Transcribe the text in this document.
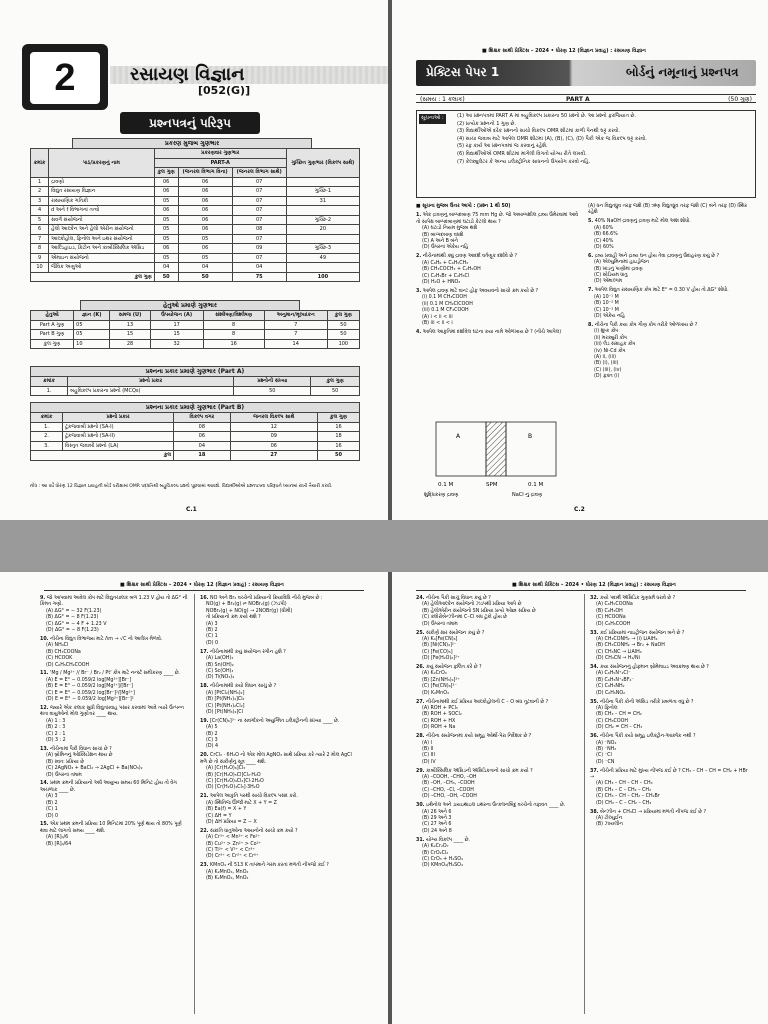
2	રસાયણ વિજ્ઞાન
[052(G)]
પ્રશ્નપત્રનું પરિરૂપ
પ્રકરણ મુજબ ગુણભાર
ક્રમાંક	પાઠ/પ્રકરણનું નામ	પ્રકરણવાર ગુણભાર			ગુચ્છિત ગુણભાર (વિકલ્પ સાથે)
		PART-A			
		કુલ ગુણ	(જનરલ વિભાગ વિના)	(જનરલ વિભાગ સાથે)	
1	દ્રાવણો	06	06	07	
2	વિદ્યુત રસાયણ વિજ્ઞાન	06	06	07	ગુચ્છિ-1
3	રાસાયણિક ગતિકી	05	06	07	31
4	d અને f વિભાગનાં તત્વો	06	06	07	
5	સવર્ગ સંયોજનો	05	06	07	ગુચ્છિ-2
6	હેલો આલ્કેન અને હેલો એરીન સંયોજનો	05	06	08	20
7	આલ્કોહોલ, ફિનોલ અને ઇથર સંયોજનો	05	05	07	
8	આલ્ડિહાઇડ, કિટોન અને કાર્બોક્સિલિક ઍસિડ	06	06	09	ગુચ્છિ-3
9	એમાઇન સંયોજનો	05	05	07	49
10	જૈવિક અણુઓ	04	04	04	
કુલ ગુણ		50	50	75	100
હેતુઓ પ્રમાણે ગુણભાર
હેતુઓ	જ્ઞાન (K)	સમજ (U)	ઉપયોજન (A)	સંશ્લેષણ/વિશ્લેષણ	અનુમાન/મૂલ્યાંકન	કુલ ગુણ
Part A ગુણ	05	13	17	8	7	50
Part B ગુણ	05	15	15	8	7	50
કુલ ગુણ	10	28	32	16	14	100
પ્રશ્નના પ્રકાર પ્રમાણે ગુણભાર (Part A)
ક્રમાંક	પ્રશ્નો પ્રકાર	પ્રશ્નોની સંખ્યા	કુલ ગુણ
1.	બહુવિકલ્પ પ્રકારના પ્રશ્નો (MCQs)	50	50
પ્રશ્નના પ્રકાર પ્રમાણે ગુણભાર (Part B)
ક્રમાંક	પ્રશ્નો પ્રકાર	વિકલ્પ વગર	જનરલ વિકલ્પ સાથે	કુલ ગુણ
1.	ટૂંકજવાબી પ્રશ્નો (SA-I)	08	12	16
2.	ટૂંકજવાબી પ્રશ્નો (SA-II)	06	09	18
3.	વિસ્તૃત જવાબી પ્રશ્નો (LA)	04	06	16
કુલ		18	27	50
નોંધ : આ વર્ષે ધોરણ 12 વિજ્ઞાન પ્રવાહની બોર્ડ પરીક્ષામાં OMR પદ્ધતિથી બહુવિકલ્પ પ્રશ્નો પૂછવામાં આવશે. વિદ્યાર્થીઓએ પ્રશ્નપત્રના પરિરૂપને ધ્યાનમાં રાખી તૈયારી કરવી.
C.1
■ શિક્ષક સાથી પ્રેક્ટિસ – 2024 • ધોરણ 12 (વિજ્ઞાન પ્રવાહ) : રસાયણ વિજ્ઞાન
પ્રેક્ટિસ પેપર 1	બોર્ડનું નમૂનાનું પ્રશ્નપત્ર
(સમય : 1 કલાક)	PART A	(50 ગુણ)
સૂચનાઓ :	(1) આ પ્રશ્નપત્રમાં PART A માં બહુવિકલ્પ પ્રકારના 50 પ્રશ્નો છે. આ પ્રશ્નો ફરજિયાત છે.
(2) પ્રત્યેક પ્રશ્નનો 1 ગુણ છે.
(3) વિદ્યાર્થીઓએ દરેક પ્રશ્નનો સાચો વિકલ્પ OMR શીટમાં કાળી પેનથી ઘટ્ટ કરવો.
(4) સાચા જવાબ માટે આપેલ OMR શીટમાં (A), (B), (C), (D) પૈકી એક જ વિકલ્પ ઘટ્ટ કરવો.
(5) રફ કાર્ય આ પ્રશ્નપત્રમાં જ કરવાનું રહેશે.
(6) વિદ્યાર્થીઓએ OMR શીટમાં માંગેલી વિગતો યોગ્ય રીતે લખવી.
(7) કેલ્ક્યુલેટર કે અન્ય ઇલેક્ટ્રોનિક સાધનનો ઉપયોગ કરવો નહિ.
■ સૂચના મુજબ ઉત્તર આપો : (પ્રશ્ન 1 થી 50)
1. એક દ્રાવણનું બાષ્પદબાણ 75 mm Hg છે. જો અબાષ્પશીલ દ્રાવ્ય ઉમેરવામાં આવે તો સાપેક્ષ બાષ્પદબાણમાં ઘટાડો કેટલો થાય ?
(A) ઘટાડો નિયમ મુજબ થશે
(B) બાષ્પદબાણ વધશે
(C) A અને B બંને
(D) ઉપરનાં એકેય નહિ
2. નીચેનામાંથી ક્યું દ્રાવણ આદર્શ વર્તણૂક દર્શાવે છે ?
(A) C₆H₆ + C₆H₅CH₃
(B) CH₃COCH₃ + C₂H₅OH
(C) C₂H₅Br + C₂H₅Cl
(D) H₂O + HNO₃
3. આપેલ દ્રાવણ માટે વાન્ટ હોફ અવયવનો સાચો ક્રમ કયો છે ?
(i) 0.1 M CH₃COOH
(ii) 0.1 M CH₂ClCOOH
(iii) 0.1 M CF₃COOH
(A) i < ii < iii
(B) iii < ii < i
4. આપેલ આકૃતિમાં દર્શાવેલ ઘટના કયા નામે ઓળખાય છે ? (નીચે આપેલ)
A	B
0.1 M	SPM	0.1 M
શુદ્ધિકરણ દ્રાવણ	NaCl નું દ્રાવણ
(A) ધન વિદ્યુતધ્રુવ તરફ જશે (B) ઋણ વિદ્યુતધ્રુવ તરફ જશે (C) બંને તરફ (D) સ્થિર રહેશે
5. 40% NaOH દ્રાવણનું દ્રાવણ માટે મોલ અંશ શોધો.
(A) 60%
(B) 66.6%
(C) 40%
(D) 60%
6. દ્રવ્ય પ્રવાહી અને દ્રાવ્ય ઘન હોય તેવા દ્રાવણનું ઉદાહરણ કયું છે ?
(A) એલ્યુમિનામાં હાઇડ્રોજન
(B) ખાંડનું પાણીમાં દ્રાવણ
(C) સોડિયમ ધાતુ
(D) એમાલ્ગમ
7. આપેલ વિદ્યુત રાસાયણિક કોષ માટે E° = 0.30 V હોય તો ΔG° શોધો.
(A) 10⁻¹ M
(B) 10⁻² M
(C) 10⁻³ M
(D) એકેય નહિ
8. નીચેના પૈકી કયા કોષ ગૌણ કોષ તરીકે ઓળખાય છે ?
(i) શુષ્ક કોષ
(ii) મરક્યુરી કોષ
(iii) લેડ સંગ્રાહક કોષ
(iv) Ni-Cd કોષ
(A) ii, (iii)
(B) (i), (iii)
(C) (iii), (iv)
(D) ફક્ત (i)
C.2
■ શિક્ષક સાથી પ્રેક્ટિસ – 2024 • ધોરણ 12 (વિજ્ઞાન પ્રવાહ) : રસાયણ વિજ્ઞાન
9. જો આપવામાં આવેલ કોષ માટે વિદ્યુતચાલક બળ 1.23 V હોય તો ΔG° ની કિંમત ગણો.
(A) ΔG° = − 32 F(1.23)
(B) ΔG° = − 8 F(1.23)
(C) ΔG° = − 4 F + 1.23 V
(D) ΔG° = − 8 F(1.23)
10. નીચેના વિદ્યુત વિભાજ્ય માટે Λm → √C નો આલેખ મેળવો.
(A) NH₄Cl
(B) CH₃COONa
(C) HCOOK
(D) C₆H₅CH₂COOH
11. 'Mg / Mg²⁺ // Br⁻ / Br₂ / Pt' કોષ માટે નર્ન્સ્ટ સમીકરણ ____ છે.
(A) E = E° − 0.059/2 log[Mg²⁺][Br⁻]
(B) E = E° − 0.059/2 log[Mg²⁺]/[Br⁻]
(C) E = E° − 0.059/2 log[Br⁻]²/[Mg²⁺]
(D) E = E° − 0.059/2 log[Mg²⁺][Br⁻]²
12. જ્યારે એક કલાક સુધી વિદ્યુતપ્રવાહ પસાર કરવામાં આવે ત્યારે ઉત્પન્ન થતા વાયુઓનો મોલ ગુણોત્તર ____ થાય.
(A) 1 : 3
(B) 2 : 3
(C) 2 : 1
(D) 3 : 2
13. નીચેનામાં પૈકી વિધાન સાચાં છે ?
(A) બ્રોમિનનું ઓક્સિડેશન થાય છે
(B) સ્વતઃ પ્રક્રિયા છે
(C) 2AgNO₃ + BaCl₂ → 2AgCl + Ba(NO₃)₂
(D) ઉપરનાં તમામ
14. પ્રથમ ક્રમની પ્રક્રિયાનો અર્ધ આયુષ્ય સમય 60 મિનિટ હોય તો વેગ અચળાંક ____ છે.
(A) 3
(B) 2
(C) 1
(D) 0
15. એક પ્રથમ ક્રમની પ્રક્રિયા 10 મિનિટમાં 20% પૂર્ણ થાય તો 80% પૂર્ણ થવા માટે લાગતો સમય ____ થશે.
(A) [R]₀/6
(B) [R]₀/64
16. NO અને Br₂ વચ્ચેની પ્રક્રિયાની ક્રિયાવિધિ નીચે મુજબ છે :
NO(g) + Br₂(g) ⇌ NOBr₂(g) (ઝડપી)
NOBr₂(g) + NO(g) → 2NOBr(g) (ધીમી)
તો પ્રક્રિયાનો ક્રમ કયો થશે ?
(A) 3
(B) 2
(C) 1
(D) 0
17. નીચેનામાંથી કયું સંયોજન રંગીન હશે ?
(A) La(OH)₃
(B) Sn(OH)₂
(C) Sc(OH)₃
(D) Ti(NO₃)₄
18. નીચેનામાંથી કયો વિધાન સાચું છે ?
(A) [PtCl₂(NH₃)₂]
(B) [Pt(NH₃)₄]Cl₂
(C) [Pt(NH₃)₂Cl₂]
(D) [Pt(NH₃)₄]Cl
19. [Cr(CN)₆]³⁻ ના સવર્ગાંકનો અયુગ્મિત ઇલેક્ટ્રોનની સંખ્યા ____ છે.
(A) 5
(B) 2
(C) 3
(D) 4
20. CrCl₃ · 6H₂O નો એક મોલ AgNO₃ સાથે પ્રક્રિયા કરે ત્યારે 2 મોલ AgCl મળે છે તો સંકીર્ણનું સૂત્ર ____ થશે.
(A) [Cr(H₂O)₆]Cl₃
(B) [Cr(H₂O)₅Cl]Cl₂·H₂O
(C) [Cr(H₂O)₄Cl₂]Cl·2H₂O
(D) [Cr(H₂O)₃Cl₃]·3H₂O
21. આપેલ આકૃતિ પરથી સાચો વિકલ્પ પસંદ કરો.
(A) સ્થિતિજ ઊર્જા માટે X + Y = Z
(B) Ea(f) = X + Y
(C) ΔH = Y
(D) ΔH પ્રક્રિયા = Z − X
22. સંક્રાંતિ ધાતુઓના આયનોનો સાચો ક્રમ કયો ?
(A) Cr³⁺ < Mn²⁺ < Fe²⁺
(B) Cu²⁺ > Zn²⁺ > Co²⁺
(C) Ti³⁺ < V³⁺ < Cr³⁺
(D) Cr³⁺ < Cr²⁺ < Cr⁶⁺
23. KMnO₄ ની 513 K તાપમાને ગરમ કરતાં મળતી નીપજો કઈ ?
(A) K₂MnO₄, MnO₂
(B) K₂MnO₄, MnO₂
■ શિક્ષક સાથી પ્રેક્ટિસ – 2024 • ધોરણ 12 (વિજ્ઞાન પ્રવાહ) : રસાયણ વિજ્ઞાન
24. નીચેના પૈકી સાચું વિધાન કયું છે ?
(A) હેલોઆલ્કેન સંયોજનો ઝડપથી પ્રક્રિયા આપે છે
(B) હેલોએરીન સંયોજનો SN પ્રક્રિયા પ્રત્યે ઓછા સક્રિય છે
(C) ક્લોરોબેન્ઝીનમાં C–Cl બંધ ટૂંકો હોય છે
(D) ઉપરનાં તમામ
25. સંકીર્ણ ક્ષાર સંયોજન કયું છે ?
(A) K₄[Fe(CN)₆]
(B) [Ni(CN)₄]²⁻
(C) [Fe(CO)₅]
(D) [Fe(H₂O)₆]²⁺
26. કયું સંયોજન ફલિત કરે છે ?
(A) K₂CrO₄
(B) [Zn(NH₃)₄]²⁺
(C) [Fe(CN)₆]³⁻
(D) K₂MnO₄
27. નીચેનામાંથી કઈ પ્રક્રિયા આલ્કોહોલની C – O બંધ તૂટવાની છે ?
(A) ROH + PCl₅
(B) ROH + SOCl₂
(C) ROH + HX
(D) ROH + Na
28. નીચેના સંયોજનમાં કયો સમૂહ ઓર્થો-પેરા નિર્દેશક છે ?
(A) I
(B) II
(C) III
(D) IV
29. કાર્બોક્સિલિક ઍસિડની ઍસિડિકતાનો સાચો ક્રમ કયો ?
(A) –COOH, –CHO, –OH
(B) –OH, –CH₃, –COOH
(C) –CHO, –Cl, –COOH
(D) –CHO, –OH, –COOH
30. ઇથેનોલ અને ડાયઇથાઇલ ઇથરના ઉત્કલનબિંદુ વચ્ચેનો તફાવત ____ છે.
(A) 26 અને 6
(B) 29 અને 3
(C) 27 અને 6
(D) 24 અને 8
31. યોગ્ય વિકલ્પ ____ છે.
(A) K₂Cr₂O₇
(B) CrO₂Cl₂
(C) CrO₃ + H₂SO₄
(D) KMnO₄/H₂SO₄
32. કયો પદાર્થ ઍસિડિક ગુણધર્મ ધરાવે છે ?
(A) C₆H₅COONa
(B) C₆H₅OH
(C) HCOONa
(D) C₆H₅COOH
33. કઈ પ્રક્રિયામાં નાઇટ્રોજન સંયોજન બને છે ?
(A) CH₃CONH₂ → (i) LiAlH₄
(B) CH₃CONH₂ → Br₂ + NaOH
(C) CH₃NC → LiAlH₄
(D) CH₃CN → H₂/Ni
34. કયા સંયોજનનું હોફમાન બ્રોમેમાઇડ અવક્રમણ થાય છે ?
(A) C₆H₅N⁺₂Cl⁻
(B) C₆H₅N⁺₂BF₄⁻
(C) C₆H₅NH₂
(D) C₆H₅NO₂
35. નીચેના પૈકી કોની ઍસિડ તરીકે પ્રબળતા વધુ છે ?
(A) ફિનોલ
(B) CH₃ – CH = CH₂
(C) CH₃COOH
(D) CH₂ = CH – CH₃
36. નીચેના પૈકી કયો સમૂહ ઇલેક્ટ્રોન-આકર્ષક નથી ?
(A) ⁻NO₂
(B) ⁻NH₂
(C) ⁻Cl
(D) ⁻CN
37. નીચેની પ્રક્રિયા માટે મુખ્ય નીપજ કઈ છે ? CH₃ – CH – CH = CH₂ + HBr →
(A) CH₃ – CH – CH – CH₃
(B) CH₃ – C – CH₂ – CH₃
(C) CH₃ – CH – CH₂ – CH₂Br
(D) CH₃ – C – CH₂ – CH₃
38. બેન્ઝીન + CH₃Cl → પ્રક્રિયામાં મળતી નીપજ કઈ છે ?
(A) ટોલ્યુઈન
(B) ઝાયલીન
